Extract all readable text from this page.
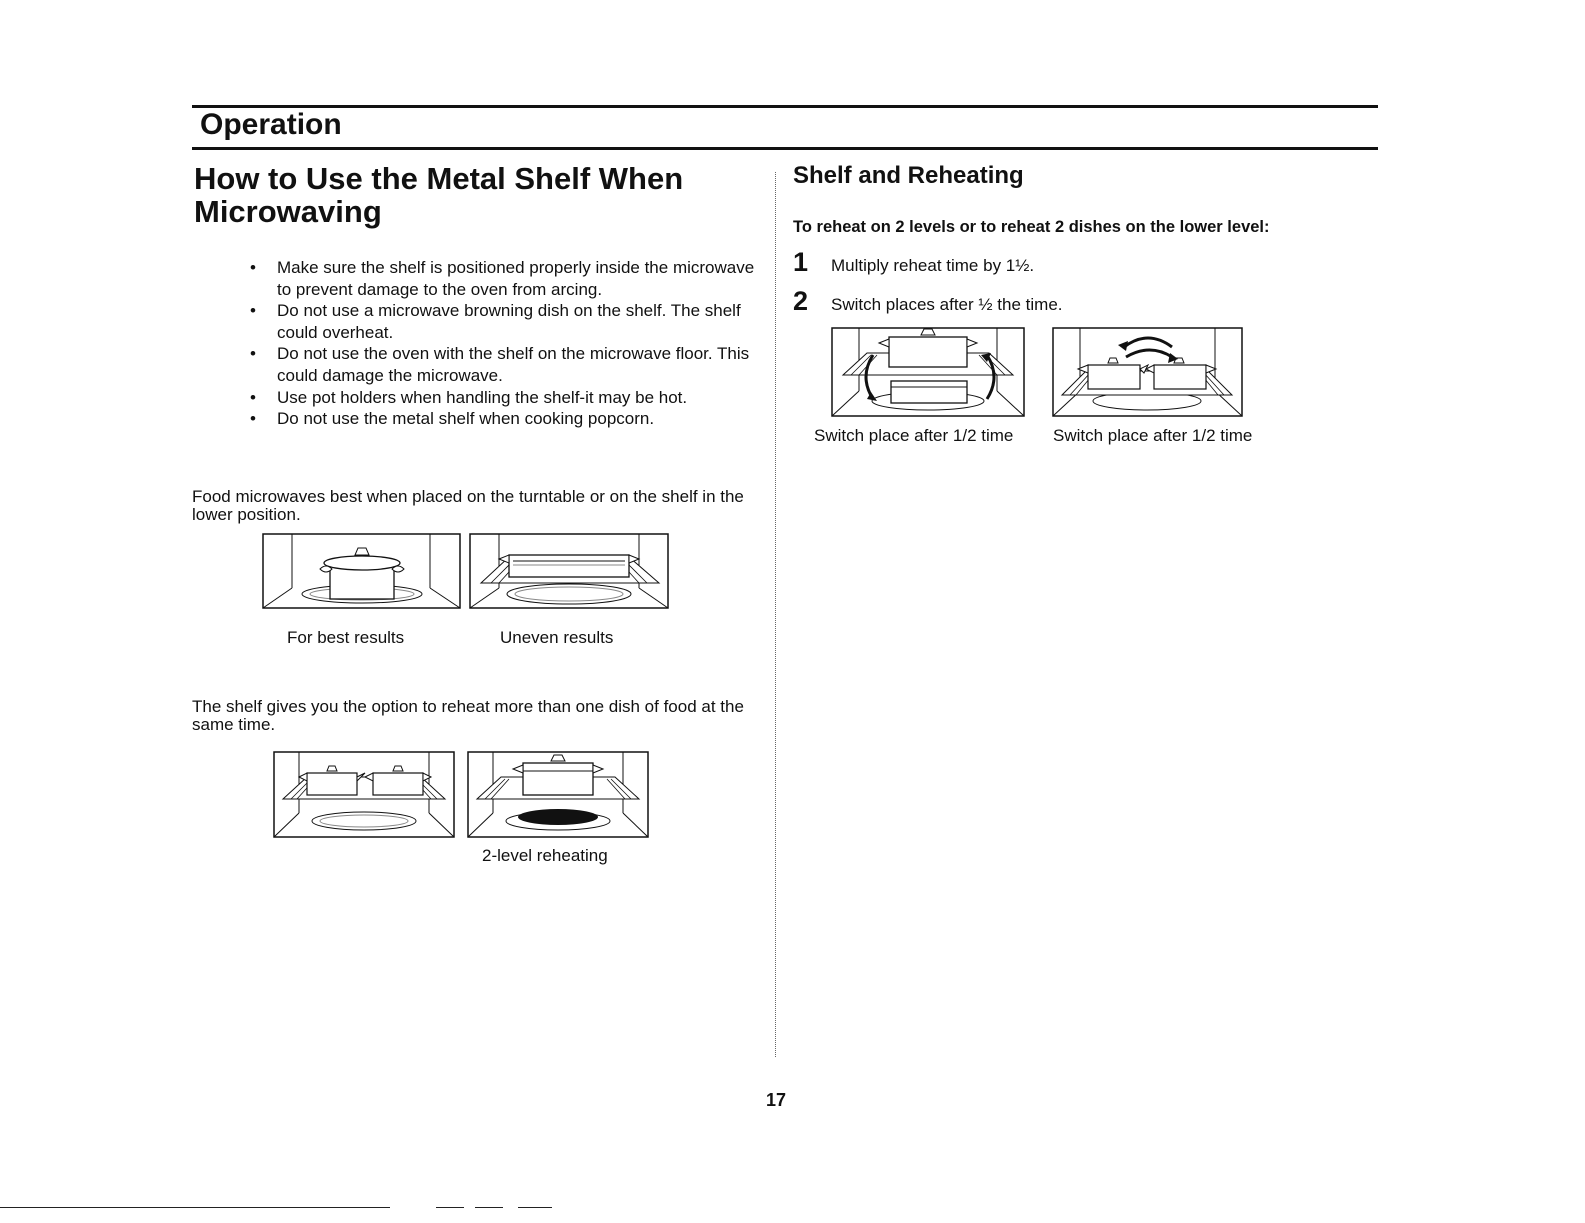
Operation
How to Use the Metal Shelf When Microwaving
• Make sure the shelf is positioned properly inside the microwave to prevent damage to the oven from arcing.
• Do not use a microwave browning dish on the shelf. The shelf could overheat.
• Do not use the oven with the shelf on the microwave floor. This could damage the microwave.
• Use pot holders when handling the shelf-it may be hot.
• Do not use the metal shelf when cooking popcorn.

Food microwaves best when placed on the turntable or on the shelf in the lower position.

For best results	Uneven results

The shelf gives you the option to reheat more than one dish of food at the same time.

2-level reheating

Shelf and Reheating

To reheat on 2 levels or to reheat 2 dishes on the lower level:

1	Multiply reheat time by 1½.
2	Switch places after ½ the time.

Switch place after 1/2 time Switch place after 1/2 time

17
